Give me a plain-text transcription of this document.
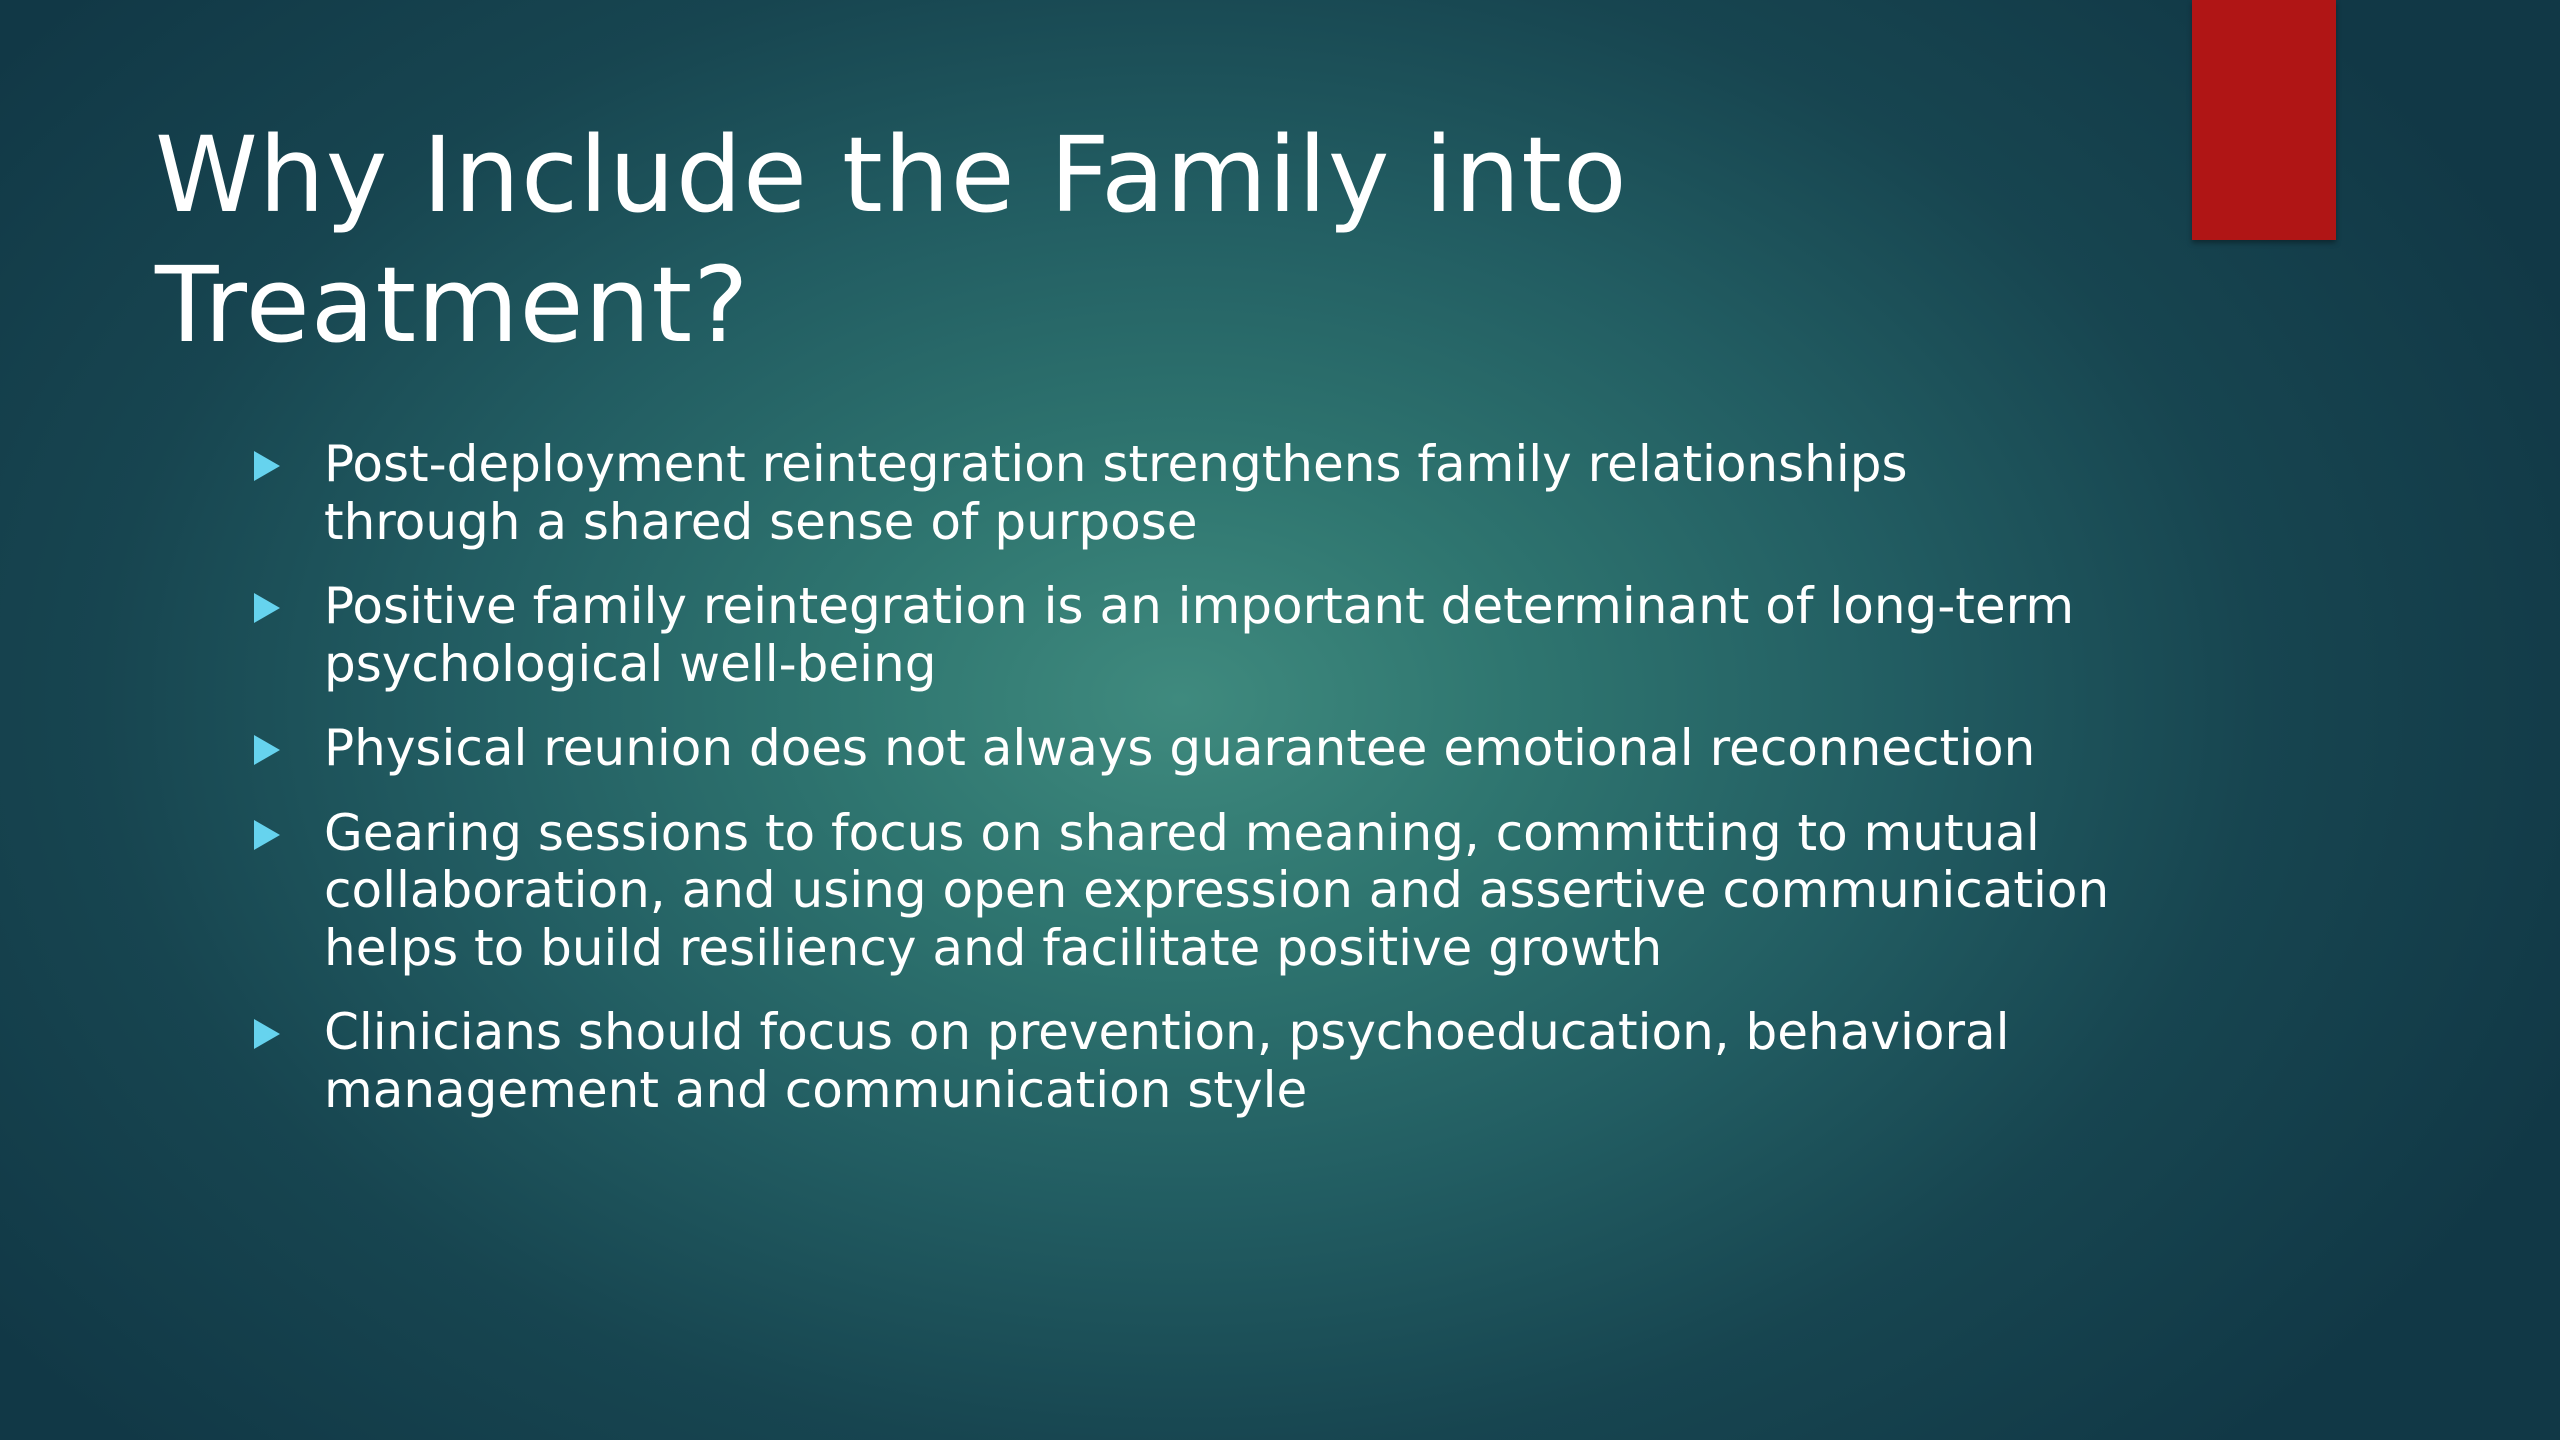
Why Include the Family into Treatment?
Post-deployment reintegration strengthens family relationships through a shared sense of purpose
Positive family reintegration is an important determinant of long-term psychological well-being
Physical reunion does not always guarantee emotional reconnection
Gearing sessions to focus on shared meaning, committing to mutual collaboration, and using open expression and assertive communication helps to build resiliency and facilitate positive growth
Clinicians should focus on prevention, psychoeducation, behavioral management and communication style
